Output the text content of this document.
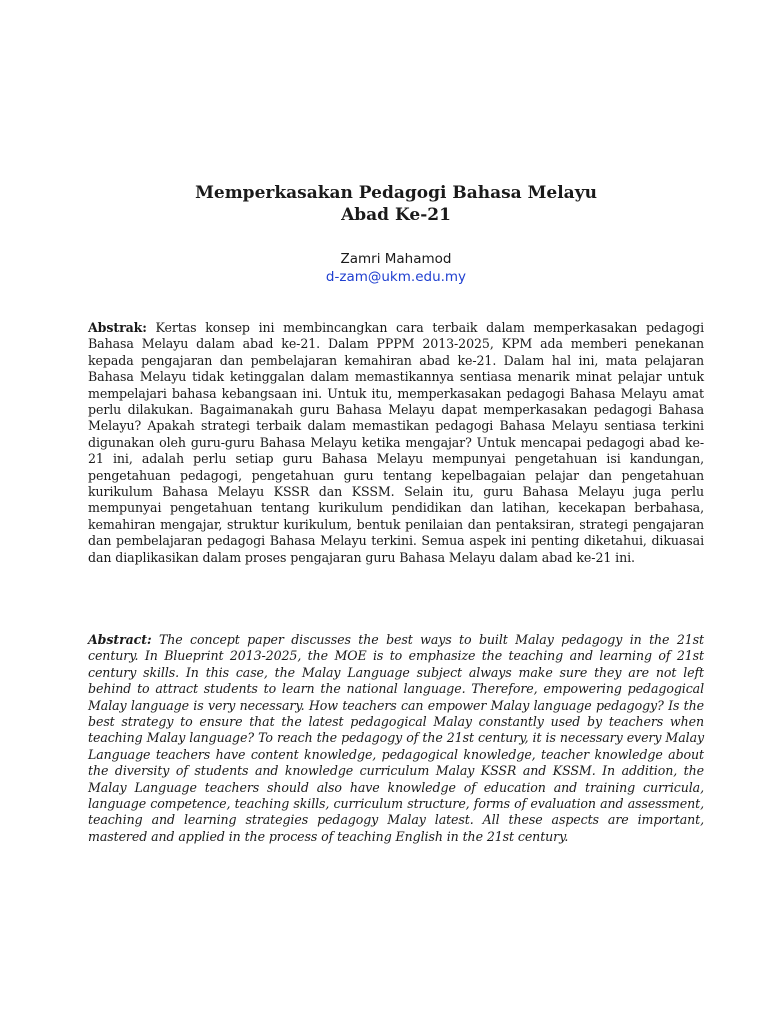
Memperkasakan Pedagogi Bahasa Melayu
Abad Ke-21
Zamri Mahamod
d-zam@ukm.edu.my

Abstrak: Kertas konsep ini membincangkan cara terbaik dalam memperkasakan pedagogi Bahasa Melayu dalam abad ke-21. Dalam PPPM 2013-2025, KPM ada memberi penekanan kepada pengajaran dan pembelajaran kemahiran abad ke-21. Dalam hal ini, mata pelajaran Bahasa Melayu tidak ketinggalan dalam memastikannya sentiasa menarik minat pelajar untuk mempelajari bahasa kebangsaan ini. Untuk itu, memperkasakan pedagogi Bahasa Melayu amat perlu dilakukan. Bagaimanakah guru Bahasa Melayu dapat memperkasakan pedagogi Bahasa Melayu? Apakah strategi terbaik dalam memastikan pedagogi Bahasa Melayu sentiasa terkini digunakan oleh guru-guru Bahasa Melayu ketika mengajar? Untuk mencapai pedagogi abad ke-21 ini, adalah perlu setiap guru Bahasa Melayu mempunyai pengetahuan isi kandungan, pengetahuan pedagogi, pengetahuan guru tentang kepelbagaian pelajar dan pengetahuan kurikulum Bahasa Melayu KSSR dan KSSM. Selain itu, guru Bahasa Melayu juga perlu mempunyai pengetahuan tentang kurikulum pendidikan dan latihan, kecekapan berbahasa, kemahiran mengajar, struktur kurikulum, bentuk penilaian dan pentaksiran, strategi pengajaran dan pembelajaran pedagogi Bahasa Melayu terkini. Semua aspek ini penting diketahui, dikuasai dan diaplikasikan dalam proses pengajaran guru Bahasa Melayu dalam abad ke-21 ini.

Abstract: The concept paper discusses the best ways to built Malay pedagogy in the 21st century. In Blueprint 2013-2025, the MOE is to emphasize the teaching and learning of 21st century skills. In this case, the Malay Language subject always make sure they are not left behind to attract students to learn the national language. Therefore, empowering pedagogical Malay language is very necessary. How teachers can empower Malay language pedagogy? Is the best strategy to ensure that the latest pedagogical Malay constantly used by teachers when teaching Malay language? To reach the pedagogy of the 21st century, it is necessary every Malay Language teachers have content knowledge, pedagogical knowledge, teacher knowledge about the diversity of students and knowledge curriculum Malay KSSR and KSSM. In addition, the Malay Language teachers should also have knowledge of education and training curricula, language competence, teaching skills, curriculum structure, forms of evaluation and assessment, teaching and learning strategies pedagogy Malay latest. All these aspects are important, mastered and applied in the process of teaching English in the 21st century.
